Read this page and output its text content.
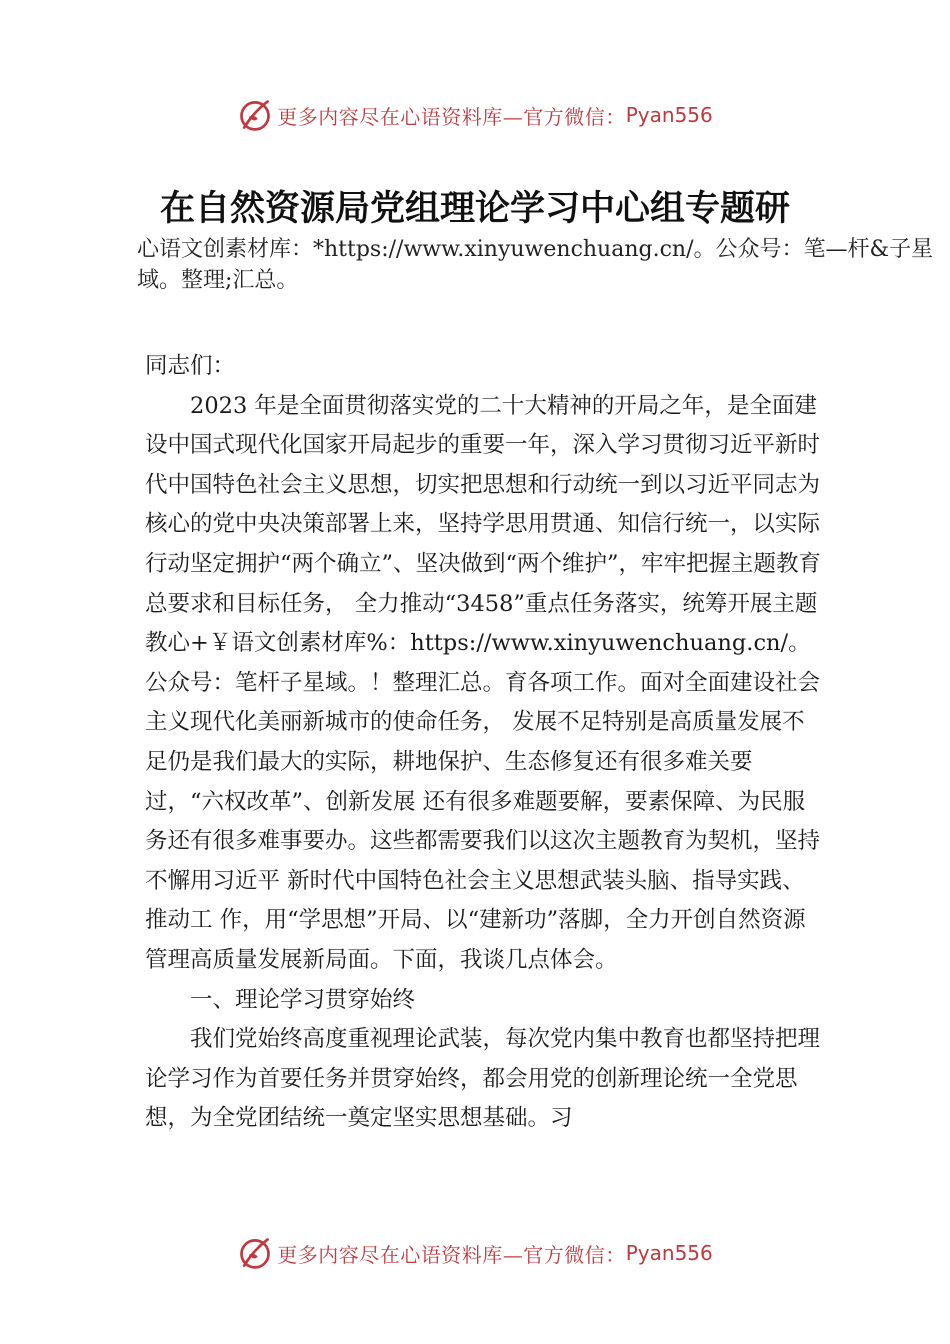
更多内容尽在心语资料库—官方微信： Pyan556
在自然资源局党组理论学习中心组专题研
心语文创素材库：*https://www.xinyuwenchuang.cn/。公众号：笔—杆&子星域。整理;汇总。

同志们：

2023 年是全面贯彻落实党的二十大精神的开局之年，是全面建设中国式现代化国家开局起步的重要一年，深入学习贯彻习近平新时代中国特色社会主义思想，切实把思想和行动统一到以习近平同志为核心的党中央决策部署上来，坚持学思用贯通、知信行统一，以实际行动坚定拥护“两个确立”、坚决做到“两个维护”，牢牢把握主题教育总要求和目标任务， 全力推动“3458”重点任务落实，统筹开展主题教心+￥语文创素材库%：https://www.xinyuwenchuang.cn/。公众号：笔杆子星域。！整理汇总。育各项工作。面对全面建设社会主义现代化美丽新城市的使命任务， 发展不足特别是高质量发展不足仍是我们最大的实际，耕地保护、生态修复还有很多难关要过，“六权改革”、创新发展 还有很多难题要解，要素保障、为民服务还有很多难事要办。这些都需要我们以这次主题教育为契机，坚持不懈用习近平 新时代中国特色社会主义思想武装头脑、指导实践、推动工 作，用“学思想”开局、以“建新功”落脚，全力开创自然资源管理高质量发展新局面。下面，我谈几点体会。

一、理论学习贯穿始终

我们党始终高度重视理论武装，每次党内集中教育也都坚持把理论学习作为首要任务并贯穿始终，都会用党的创新理论统一全党思想，为全党团结统一奠定坚实思想基础。习

更多内容尽在心语资料库—官方微信： Pyan556
